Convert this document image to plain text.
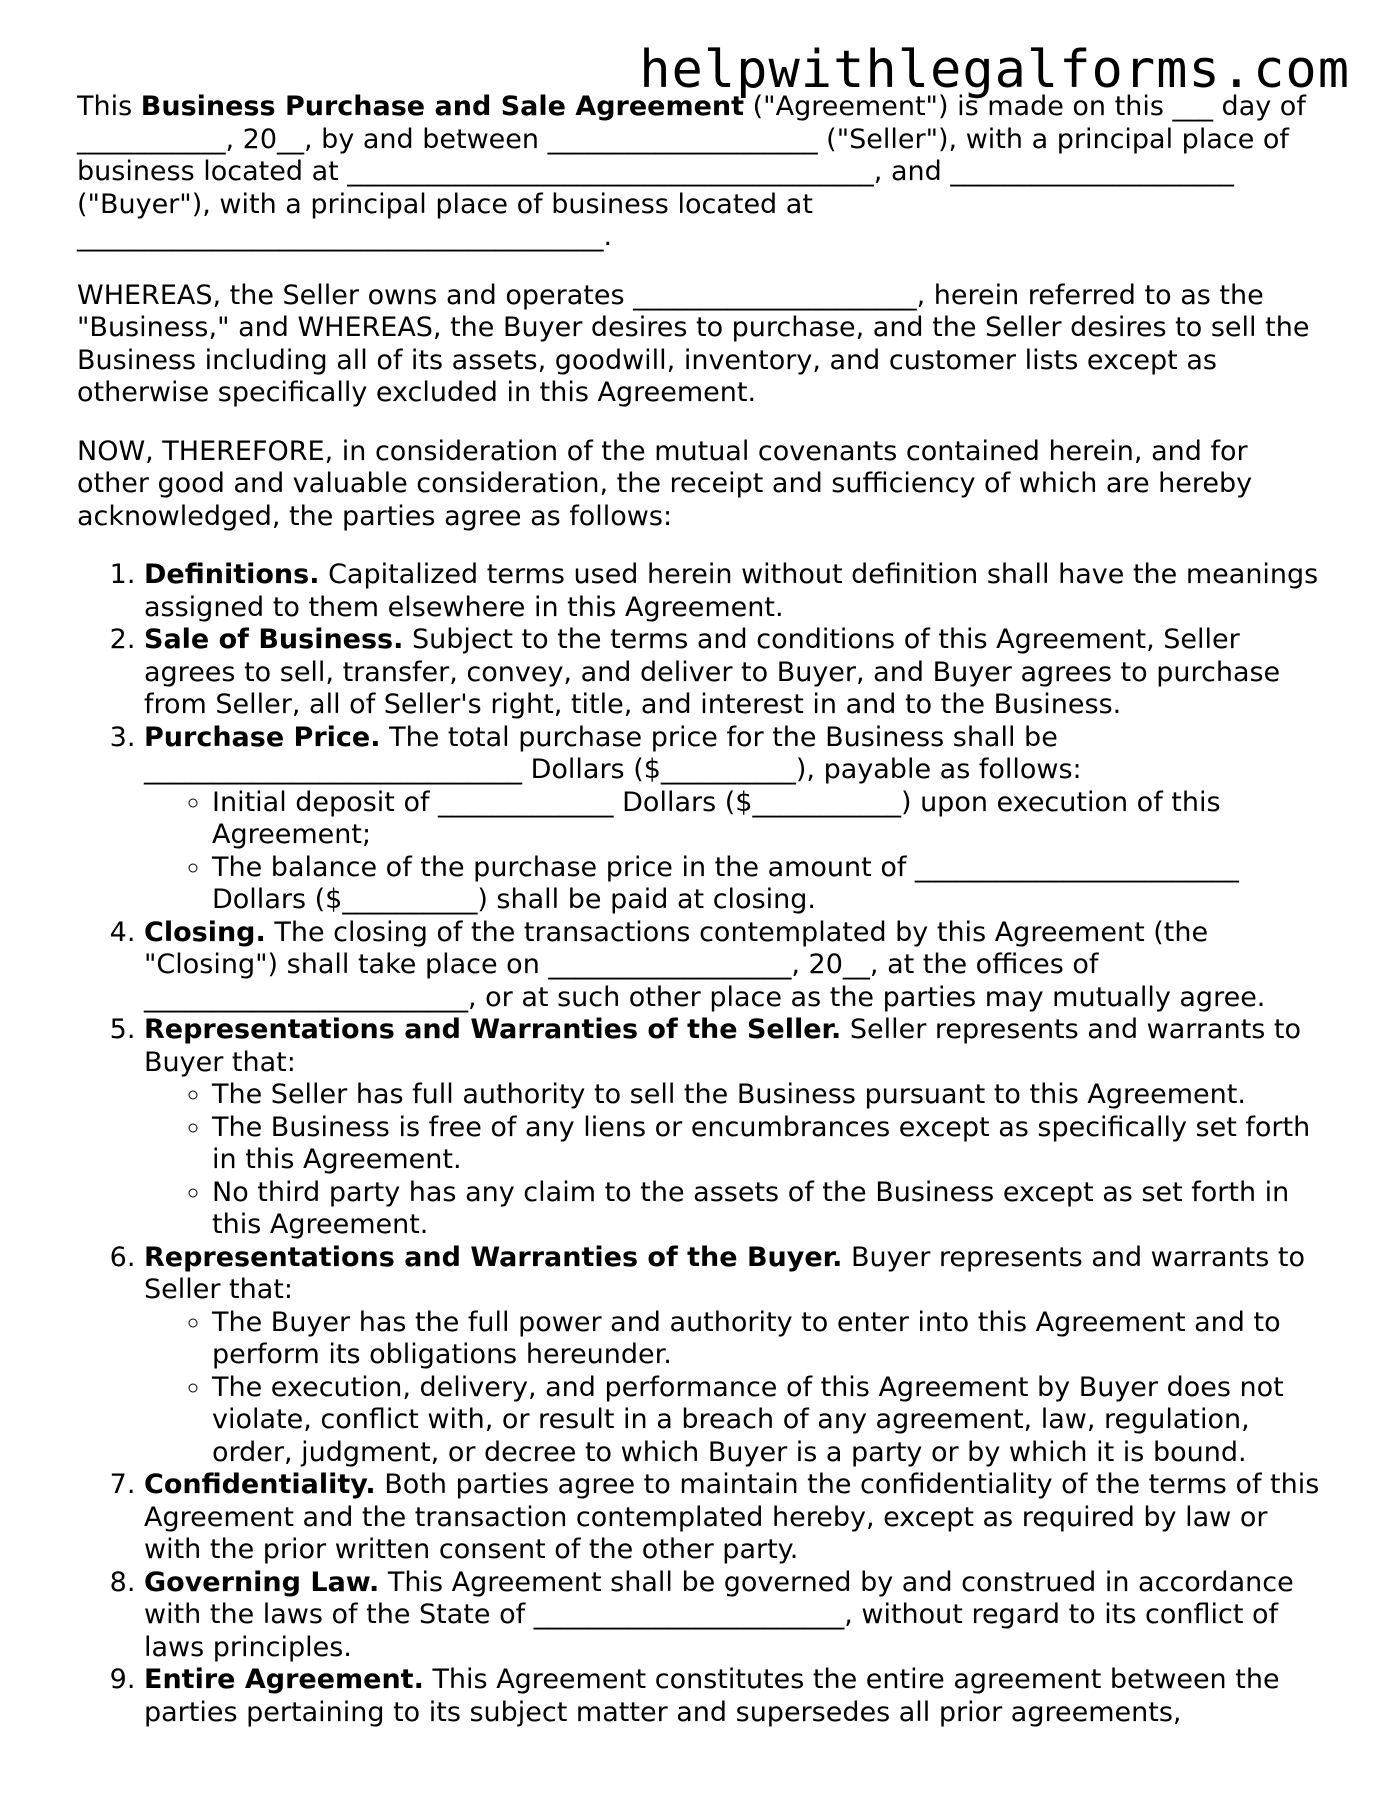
helpwithlegalforms.com

This Business Purchase and Sale Agreement ("Agreement") is made on this ___ day of ___________, 20__, by and between ____________________ ("Seller"), with a principal place of business located at _______________________________________, and _____________________ ("Buyer"), with a principal place of business located at _______________________________________.

WHEREAS, the Seller owns and operates _____________________, herein referred to as the "Business," and WHEREAS, the Buyer desires to purchase, and the Seller desires to sell the Business including all of its assets, goodwill, inventory, and customer lists except as otherwise specifically excluded in this Agreement.

NOW, THEREFORE, in consideration of the mutual covenants contained herein, and for other good and valuable consideration, the receipt and sufficiency of which are hereby acknowledged, the parties agree as follows:

1. Definitions. Capitalized terms used herein without definition shall have the meanings assigned to them elsewhere in this Agreement.
2. Sale of Business. Subject to the terms and conditions of this Agreement, Seller agrees to sell, transfer, convey, and deliver to Buyer, and Buyer agrees to purchase from Seller, all of Seller's right, title, and interest in and to the Business.
3. Purchase Price. The total purchase price for the Business shall be ____________________________ Dollars ($__________), payable as follows:
◦ Initial deposit of _____________ Dollars ($___________) upon execution of this Agreement;
◦ The balance of the purchase price in the amount of ________________________ Dollars ($__________) shall be paid at closing.
4. Closing. The closing of the transactions contemplated by this Agreement (the "Closing") shall take place on __________________, 20__, at the offices of ________________________, or at such other place as the parties may mutually agree.
5. Representations and Warranties of the Seller. Seller represents and warrants to Buyer that:
◦ The Seller has full authority to sell the Business pursuant to this Agreement.
◦ The Business is free of any liens or encumbrances except as specifically set forth in this Agreement.
◦ No third party has any claim to the assets of the Business except as set forth in this Agreement.
6. Representations and Warranties of the Buyer. Buyer represents and warrants to Seller that:
◦ The Buyer has the full power and authority to enter into this Agreement and to perform its obligations hereunder.
◦ The execution, delivery, and performance of this Agreement by Buyer does not violate, conflict with, or result in a breach of any agreement, law, regulation, order, judgment, or decree to which Buyer is a party or by which it is bound.
7. Confidentiality. Both parties agree to maintain the confidentiality of the terms of this Agreement and the transaction contemplated hereby, except as required by law or with the prior written consent of the other party.
8. Governing Law. This Agreement shall be governed by and construed in accordance with the laws of the State of _______________________, without regard to its conflict of laws principles.
9. Entire Agreement. This Agreement constitutes the entire agreement between the parties pertaining to its subject matter and supersedes all prior agreements,
